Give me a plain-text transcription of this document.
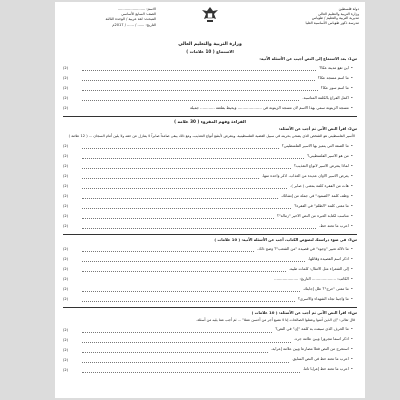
دولة فلسطين
وزارة التربية والتعليم العالي
مديرية التربية والتعليم / طوباس
مدرسة ذكور طوباس الأساسية العليا
الاسم: ........................
الصف: السابع الأساسي
المبحث: لغة عربية / الوحدة الثالثة
التاريخ: ...... / ...... / 2017م
وزارة التربية والتعليم العالي
الاستماع ( 10 علامات )
س1: بعد الاستماع إلى النص أجيب عن الأسئلة الآتية:
•
أين تقع مدينة عكا؟
(2)
•
ما اسم مسجد عكا؟
(2)
•
ما اسم سور عكا؟
(2)
•
أكمل الفراغ بالكلمة المناسبة.
(2)
•
مسجد الزيتونة سمي بهذا الاسم لأن مسجد الزيتونة في .................... ويحيط بقلعته ............ جميلة
(2)
القراءة وفهم المقروء ( 30 علامة )
س2: اقرأ النص الآتي ثم أجب عن الأسئلة:
الأسير الفلسطيني هو الشخص الذي يضحي بحريته في سبيل القضية الفلسطينية، ويتعرض لأبشع أنواع التعذيب، ومع ذلك يبقى صامداً صابراً لا يتنازل عن حقه ولا يلين أمام السجان ... ( 12 علامة )
•
ما الصفة التي يتميز بها الأسير الفلسطيني؟
(2)
•
من هو الأسير الفلسطيني؟
(2)
•
لماذا يتعرض الأسير لأنواع التعذيب؟
(2)
•
يعرض الأسير الأوان عديدة من العذاب، اذكر واحدة منها.
(2)
•
هات من الفقرة كلمة بمعنى ( صابر ).
(2)
•
وظف كلمة "الصمود" في جملة من إنشائك.
(2)
•
ما معنى كلمة "الظلم" في الفقرة؟
(2)
•
مناسب لكتابة العبرة من النص الأخير "زمالة"؟
(2)
•
أعرب ما تحته خط.
(2)
س3: في ضوء دراستك لنصوص الكتاب، أجب عن الأسئلة الآتية: ( 10 علامات )
•
ما دلالة تعبير "وجوه" في قصيدة "من الشعب"؟ وضح ذلك.
(2)
•
اذكر اسم القصيدة وقائلها.
(2)
•
إلى الشعراء مثل الأمثال: كلمات طيبة.
(2)
•
الكاتب: .................... التاريخ: ....................
(2)
•
ما معنى "حرج"؟ علل إجابتك.
(2)
•
ما واجبنا تجاه الشهداء والأسرى؟
(2)
س4: اقرأ النص الآتي ثم أجب عن الأسئلة: ( 10 علامات )
قال تعالى: "إن الذين آمنوا وعملوا الصالحات إنا لا نضيع أجر من أحسن عملا" ... ثم أجب عما يليه من أسئلة.
•
ما الحرف الذي سبقت به كلمة "إن" في النص؟
(2)
•
أذكر اسماً مجروراً وبين علامة جره.
(2)
•
استخرج من النص فعلاً مضارعاً وبين علامة إعرابه.
(2)
•
أعرب ما تحته خط في النص السابق.
(2)
•
أعرب ما تحته خط إعراباً تاماً.
(2)
